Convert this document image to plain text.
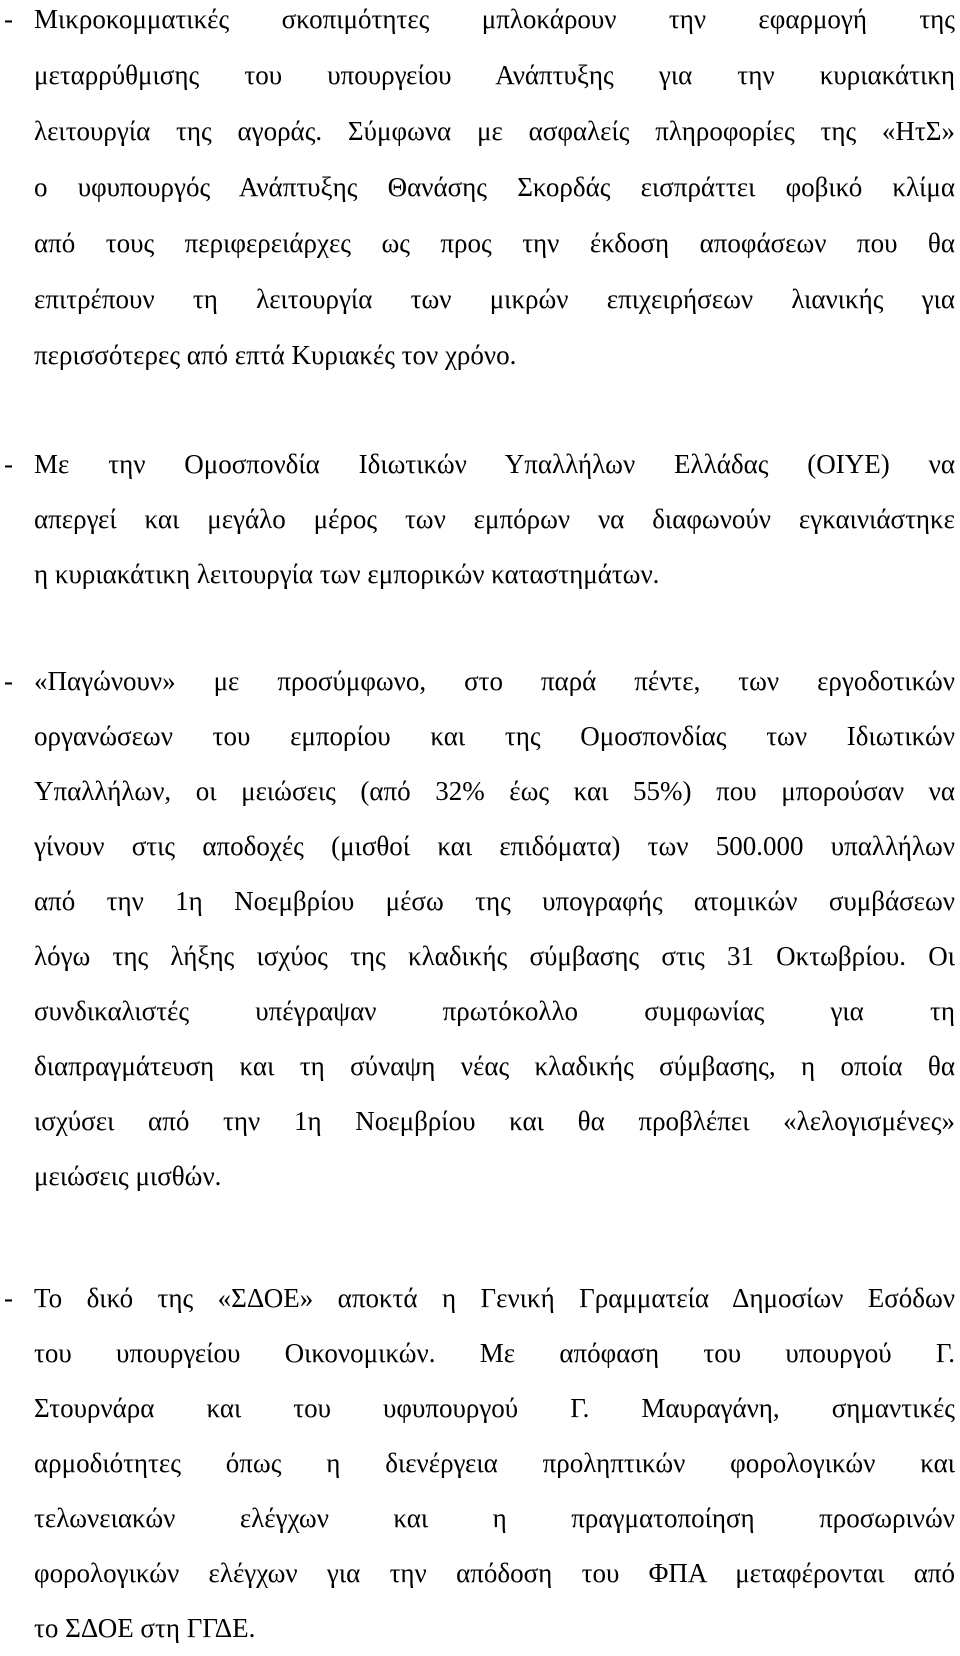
- Μικροκομματικές σκοπιμότητες μπλοκάρουν την εφαρμογή της
μεταρρύθμισης του υπουργείου Ανάπτυξης για την κυριακάτικη
λειτουργία της αγοράς. Σύμφωνα με ασφαλείς πληροφορίες της «ΗτΣ»
ο υφυπουργός Ανάπτυξης Θανάσης Σκορδάς εισπράττει φοβικό κλίμα
από τους περιφερειάρχες ως προς την έκδοση αποφάσεων που θα
επιτρέπουν τη λειτουργία των μικρών επιχειρήσεων λιανικής για
περισσότερες από επτά Κυριακές τον χρόνο.
- Με την Ομοσπονδία Ιδιωτικών Υπαλλήλων Ελλάδας (ΟΙΥΕ) να
απεργεί και μεγάλο μέρος των εμπόρων να διαφωνούν εγκαινιάστηκε
η κυριακάτικη λειτουργία των εμπορικών καταστημάτων.
- «Παγώνουν» με προσύμφωνο, στο παρά πέντε, των εργοδοτικών
οργανώσεων του εμπορίου και της Ομοσπονδίας των Ιδιωτικών
Υπαλλήλων, οι μειώσεις (από 32% έως και 55%) που μπορούσαν να
γίνουν στις αποδοχές (μισθοί και επιδόματα) των 500.000 υπαλλήλων
από την 1η Νοεμβρίου μέσω της υπογραφής ατομικών συμβάσεων
λόγω της λήξης ισχύος της κλαδικής σύμβασης στις 31 Οκτωβρίου. Οι
συνδικαλιστές υπέγραψαν πρωτόκολλο συμφωνίας για τη
διαπραγμάτευση και τη σύναψη νέας κλαδικής σύμβασης, η οποία θα
ισχύσει από την 1η Νοεμβρίου και θα προβλέπει «λελογισμένες»
μειώσεις μισθών.
- Το δικό της «ΣΔΟΕ» αποκτά η Γενική Γραμματεία Δημοσίων Εσόδων
του υπουργείου Οικονομικών. Με απόφαση του υπουργού Γ.
Στουρνάρα και του υφυπουργού Γ. Μαυραγάνη, σημαντικές
αρμοδιότητες όπως η διενέργεια προληπτικών φορολογικών και
τελωνειακών ελέγχων και η πραγματοποίηση προσωρινών
φορολογικών ελέγχων για την απόδοση του ΦΠΑ μεταφέρονται από
το ΣΔΟΕ στη ΓΓΔΕ.
